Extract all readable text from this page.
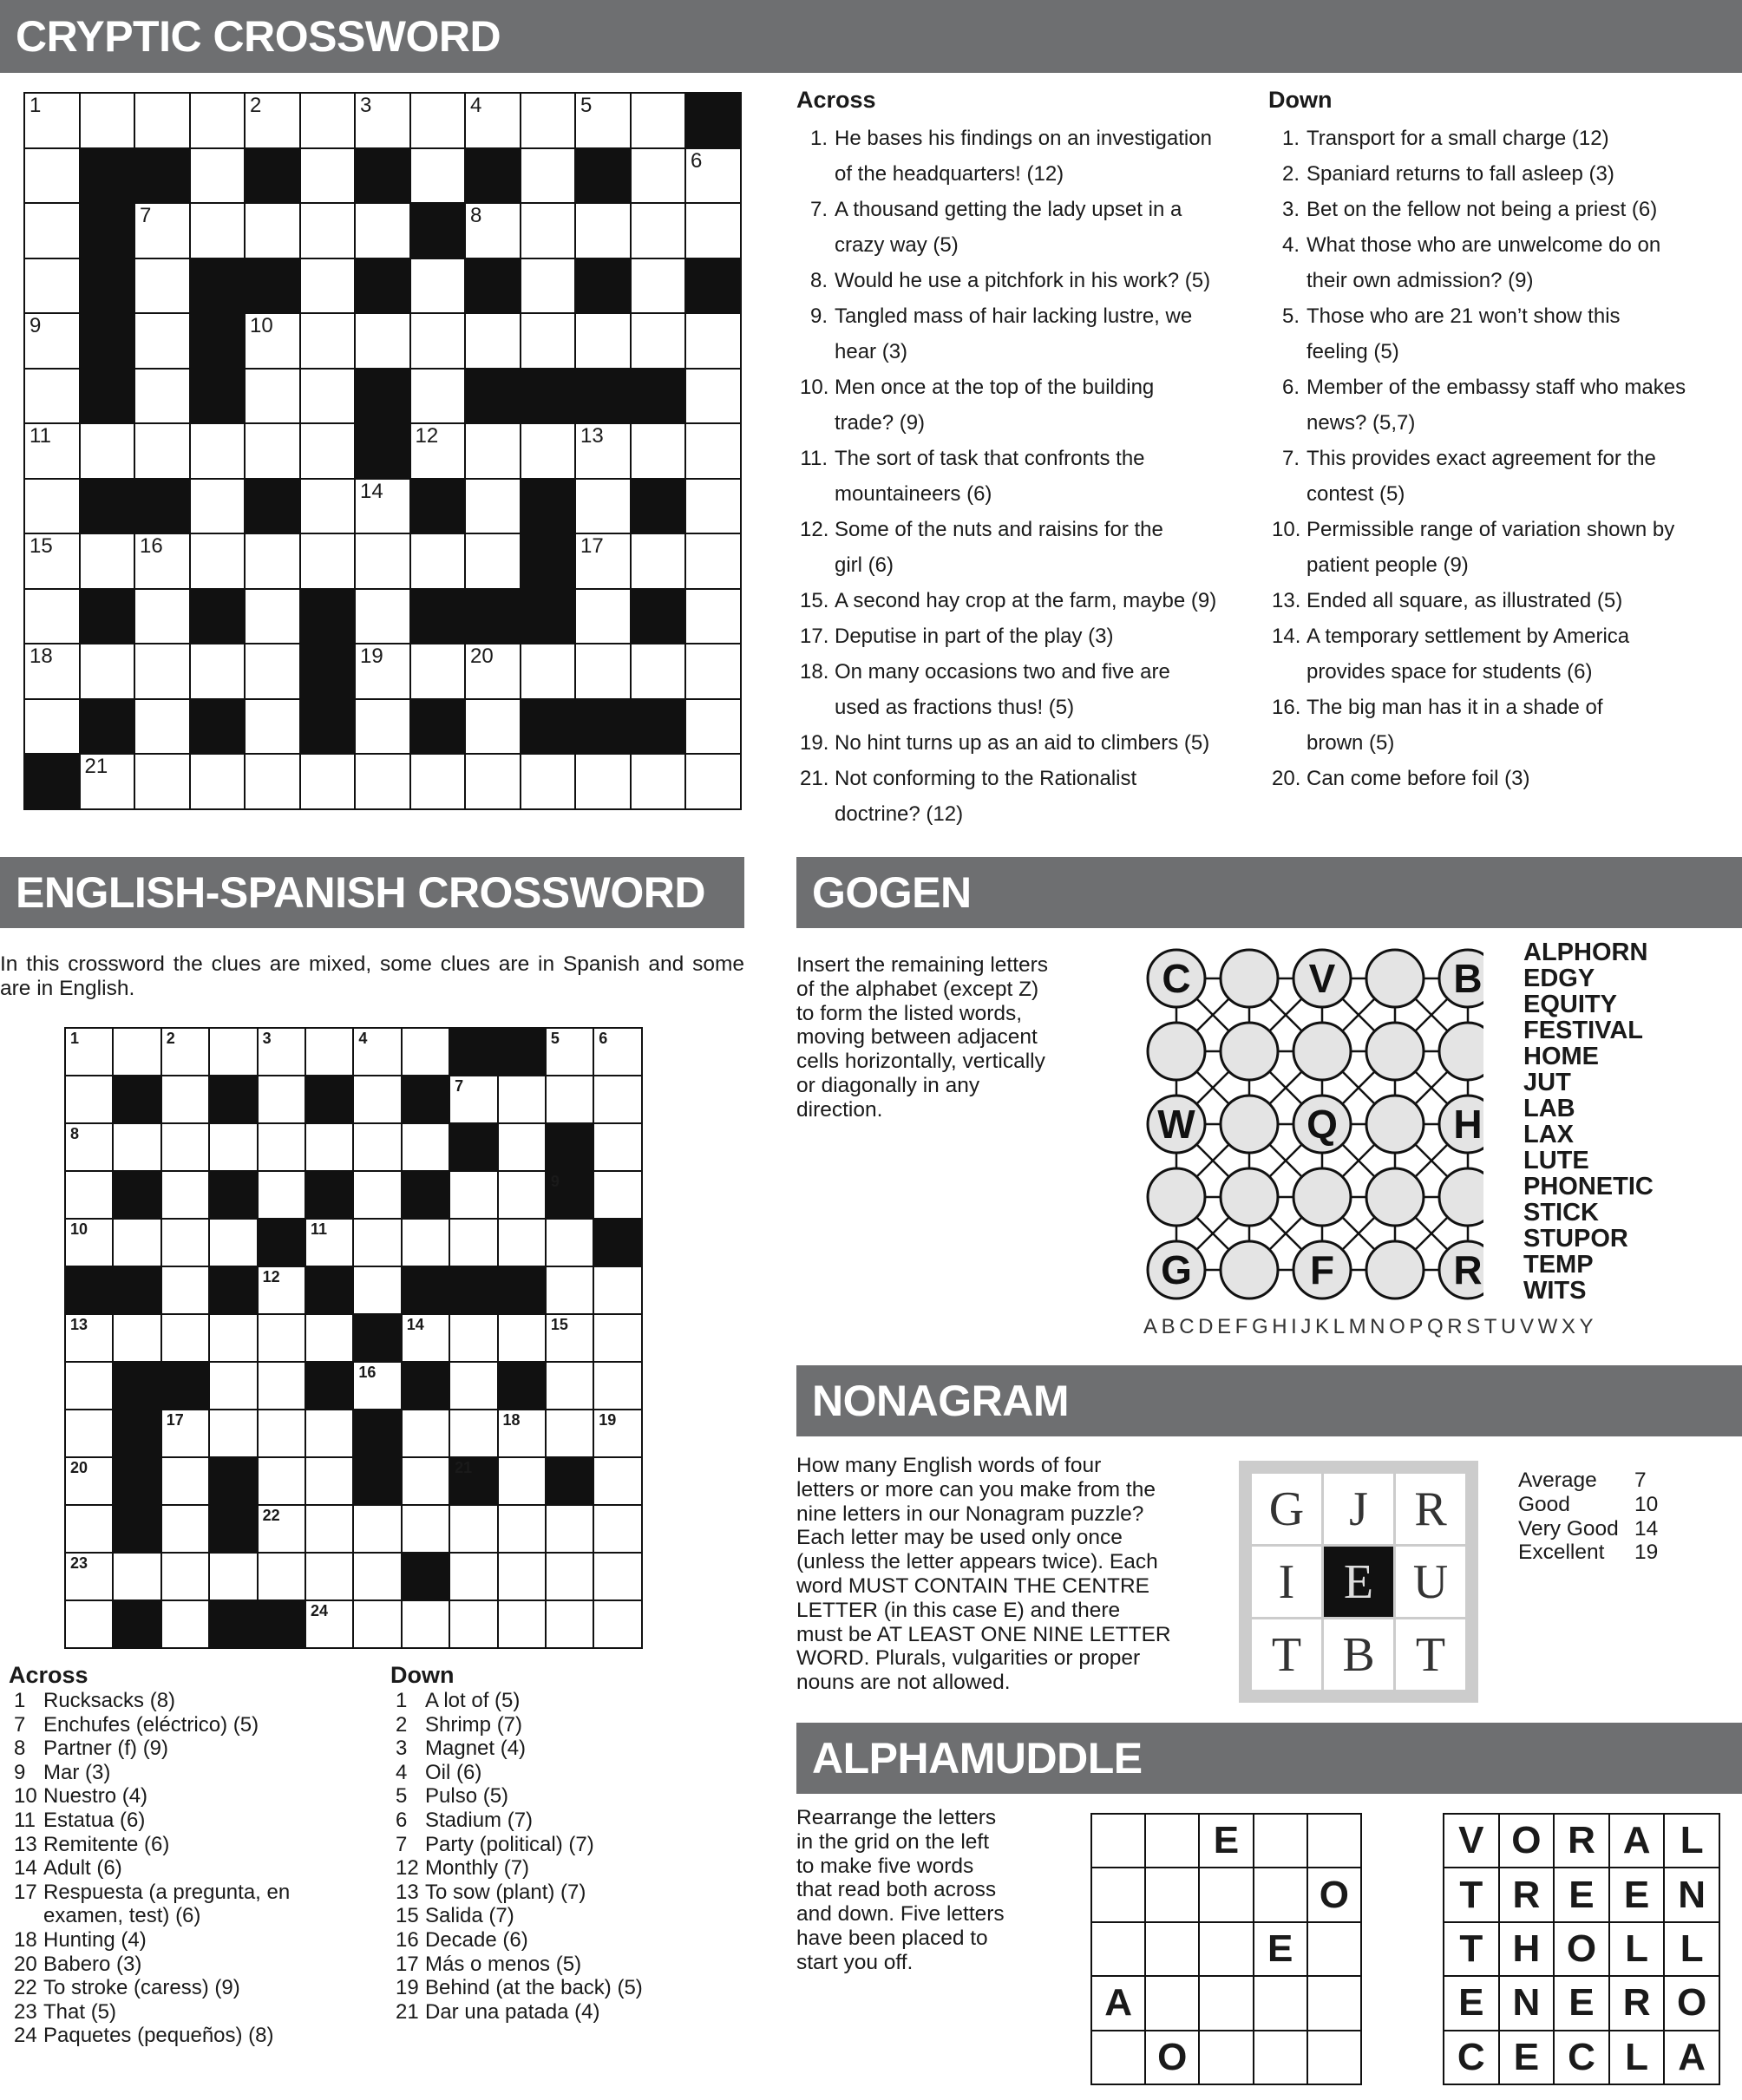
CRYPTIC CROSSWORD
1				2		3		4		5		

												6

		7						8				

9				10								

11							12			13		

						14						

15		16								17		

18						19		20				

	21											

Across
1. He bases his findings on an investigation
of the headquarters! (12)
7. A thousand getting the lady upset in a
crazy way (5)
8. Would he use a pitchfork in his work? (5)
9. Tangled mass of hair lacking lustre, we
hear (3)
10. Men once at the top of the building
trade? (9)
11. The sort of task that confronts the
mountaineers (6)
12. Some of the nuts and raisins for the
girl (6)
15. A second hay crop at the farm, maybe (9)
17. Deputise in part of the play (3)
18. On many occasions two and five are
used as fractions thus! (5)
19. No hint turns up as an aid to climbers (5)
21. Not conforming to the Rationalist
doctrine? (12)
Down
1. Transport for a small charge (12)
2. Spaniard returns to fall asleep (3)
3. Bet on the fellow not being a priest (6)
4. What those who are unwelcome do on
their own admission? (9)
5. Those who are 21 won’t show this
feeling (5)
6. Member of the embassy staff who makes
news? (5,7)
7. This provides exact agreement for the
contest (5)
10. Permissible range of variation shown by
patient people (9)
13. Ended all square, as illustrated (5)
14. A temporary settlement by America
provides space for students (6)
16. The big man has it in a shade of
brown (5)
20. Can come before foil (3)
ENGLISH-SPANISH CROSSWORD
In this crossword the clues are mixed, some clues are in Spanish and some are in English.
1		2		3		4				5	6

								7			

8											

										9	

10					11						

				12							

13							14			15	

						16					

		17							18		19

20								21			

				22							

23											

					24						

Across
1 Rucksacks (8)
7 Enchufes (eléctrico) (5)
8 Partner (f) (9)
9 Mar (3)
10 Nuestro (4)
11 Estatua (6)
13 Remitente (6)
14 Adult (6)
17 Respuesta (a pregunta, en
examen, test) (6)
18 Hunting (4)
20 Babero (3)
22 To stroke (caress) (9)
23 That (5)
24 Paquetes (pequeños) (8)
Down
1 A lot of (5)
2 Shrimp (7)
3 Magnet (4)
4 Oil (6)
5 Pulso (5)
6 Stadium (7)
7 Party (political) (7)
12 Monthly (7)
13 To sow (plant) (7)
15 Salida (7)
16 Decade (6)
17 Más o menos (5)
19 Behind (at the back) (5)
21 Dar una patada (4)
GOGEN
Insert the remaining letters
of the alphabet (except Z)
to form the listed words,
moving between adjacent
cells horizontally, vertically
or diagonally in any
direction.
C	V	B
W	Q	H
G	F	R
ALPHORN
EDGY
EQUITY
FESTIVAL
HOME
JUT
LAB
LAX
LUTE
PHONETIC
STICK
STUPOR
TEMP
WITS
ABCDEFGHIJKLMNOPQRSTUVWXY
NONAGRAM
How many English words of four
letters or more can you make from the
nine letters in our Nonagram puzzle?
Each letter may be used only once
(unless the letter appears twice). Each
word MUST CONTAIN THE CENTRE
LETTER (in this case E) and there
must be AT LEAST ONE NINE LETTER
WORD. Plurals, vulgarities or proper
nouns are not allowed.
G	J	R
I	E	U
T	B	T
Average	7
Good	10
Very Good 14
Excellent	19
ALPHAMUDDLE
Rearrange the letters
in the grid on the left
to make five words
that read both across
and down. Five letters
have been placed to
start you off.
		E		
				O
			E	
A				
	O			
V	O	R	A	L
T	R	E	E	N
T	H	O	L	L
E	N	E	R	O
C	E	C	L	A
